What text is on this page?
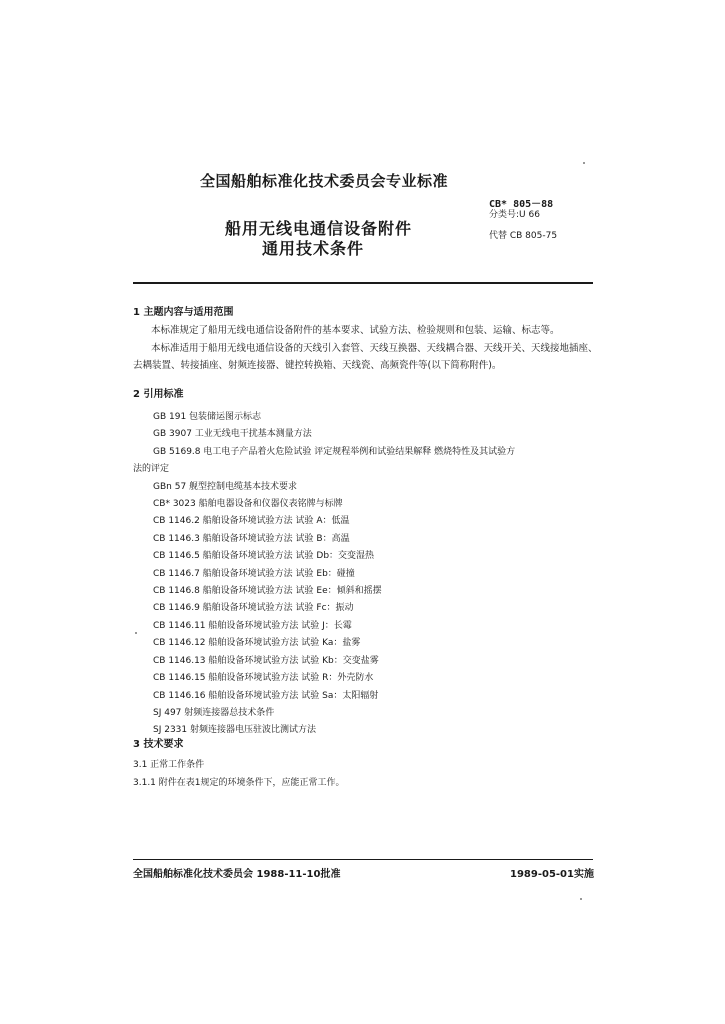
全国船舶标准化技术委员会专业标准
CB* 805－88
分类号:U 66
代替 CB 805-75
船用无线电通信设备附件
通用技术条件
1 主题内容与适用范围
本标准规定了船用无线电通信设备附件的基本要求、试验方法、检验规则和包装、运输、标志等。
本标准适用于船用无线电通信设备的天线引入套管、天线互换器、天线耦合器、天线开关、天线接地插座、去耦装置、转接插座、射频连接器、键控转换箱、天线瓷、高频瓷件等(以下简称附件)。
2 引用标准
GB 191 包装储运图示标志
GB 3907 工业无线电干扰基本测量方法
GB 5169.8 电工电子产品着火危险试验 评定规程举例和试验结果解释 燃烧特性及其试验方
法的评定
GBn 57 舰型控制电缆基本技术要求
CB* 3023 船舶电器设备和仪器仪表铭牌与标牌
CB 1146.2 船舶设备环境试验方法 试验 A：低温
CB 1146.3 船舶设备环境试验方法 试验 B：高温
CB 1146.5 船舶设备环境试验方法 试验 Db：交变湿热
CB 1146.7 船舶设备环境试验方法 试验 Eb：碰撞
CB 1146.8 船舶设备环境试验方法 试验 Ee：倾斜和摇摆
CB 1146.9 船舶设备环境试验方法 试验 Fc：振动
CB 1146.11 船舶设备环境试验方法 试验 J：长霉
CB 1146.12 船舶设备环境试验方法 试验 Ka：盐雾
CB 1146.13 船舶设备环境试验方法 试验 Kb：交变盐雾
CB 1146.15 船舶设备环境试验方法 试验 R：外壳防水
CB 1146.16 船舶设备环境试验方法 试验 Sa：太阳辐射
SJ 497 射频连接器总技术条件
SJ 2331 射频连接器电压驻波比测试方法
3 技术要求
3.1 正常工作条件
3.1.1 附件在表1规定的环境条件下，应能正常工作。
全国船舶标准化技术委员会 1988-11-10批准	1989-05-01实施
